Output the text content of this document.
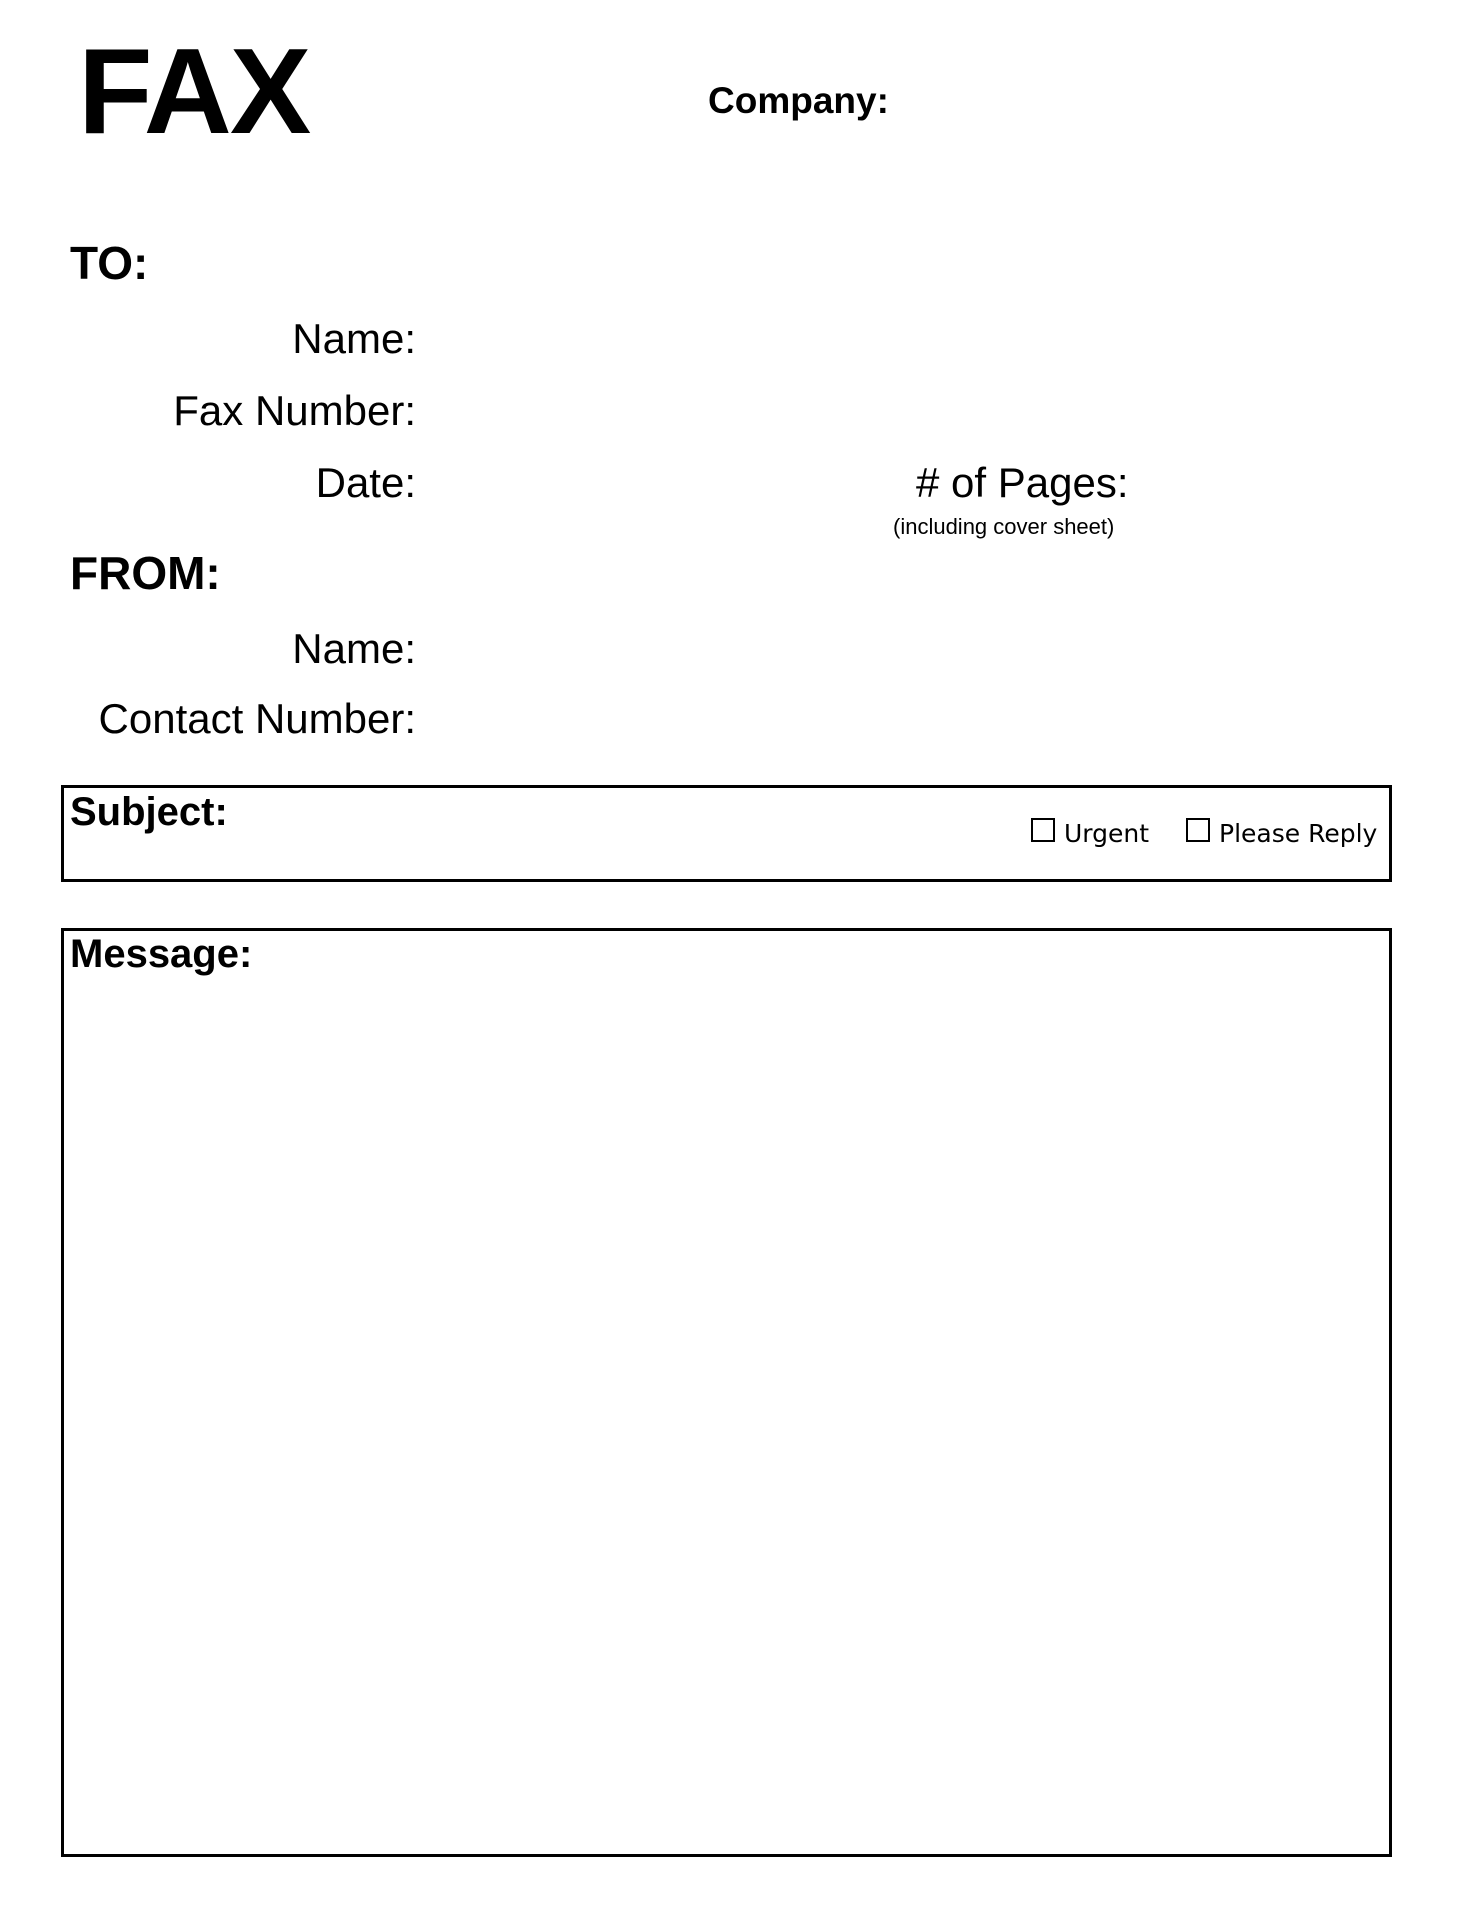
FAX	Company:
TO:
Name:
Fax Number:
Date:	# of Pages:
(including cover sheet)
FROM:
Name:
Contact Number:
Subject:	Urgent	Please Reply
Message:
